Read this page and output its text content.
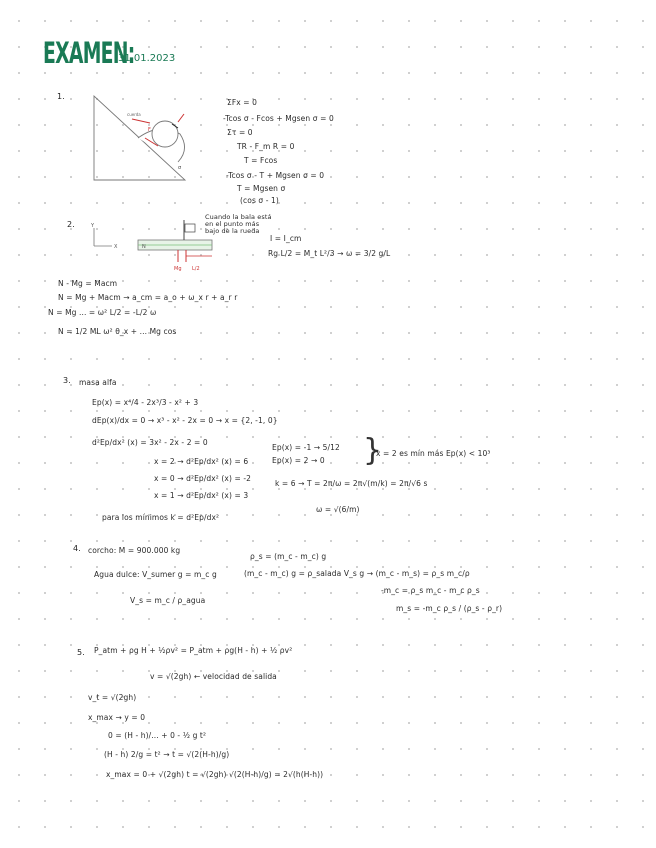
EXAMEN:
31.01.2023
1.
F
cuerda
σ
ΣFx = 0
-Tcos σ - Fcos + Mgsen σ = 0
Στ = 0
TR - F_m R = 0
T = Fcos
-Tcos σ - T + Mgsen σ = 0
T = Mgsen σ
(cos σ - 1)
2.	Y
X
Mg L/2
N
Cuando la bala está en el punto más bajo de la rueda
I = I_cm
Rg L/2 = M_t L²/3 → ω = 3/2 g/L
N - Mg = Macm
N = Mg + Macm → a_cm = a_o + ω_x r + a_r r
N = Mg ... = ω² L/2 = -L/2 ω
N = 1/2 ML ω² θ_x + ... Mg cos
3. masa alfa
Ep(x) = x⁴/4 - 2x³/3 - x² + 3
dEp(x)/dx = 0 → x³ - x² - 2x = 0 → x = {2, -1, 0}
d²Ep/dx² (x) = 3x² - 2x - 2 = 0
x = 2 → d²Ep/dx² (x) = 6
x = 0 → d²Ep/dx² (x) = -2
x = 1 → d²Ep/dx² (x) = 3
para los mínimos k = d²Ep/dx²
Ep(x) = -1 → 5/12
Ep(x) = 2 → 0 }
x = 2 es mín más Ep(x) < 10³
k = 6 → T = 2π/ω = 2π√(m/k) = 2π/√6 s
ω = √(6/m)
4. corcho: M = 900.000 kg
Agua dulce: V_sumer g = m_c g
V_s = m_c / ρ_agua
ρ_s = (m_c - m_c) g
(m_c - m_c) g = ρ_salada V_s g → (m_c - m_s) = ρ_s m_c/ρ
-m_c = ρ_s m_c - m_c ρ_s
m_s = -m_c ρ_s / (ρ_s - ρ_r)
5. P_atm + ρg H + ½ρv² = P_atm + ρg(H - h) + ½ ρv²
v = √(2gh) ← velocidad de salida
v_t = √(2gh)
x_max → y = 0
0 = (H - h)/... + 0 - ½ g t²
(H - h) 2/g = t² → t = √(2(H-h)/g)
x_max = 0 + √(2gh) t = √(2gh) √(2(H-h)/g) = 2√(h(H-h))
